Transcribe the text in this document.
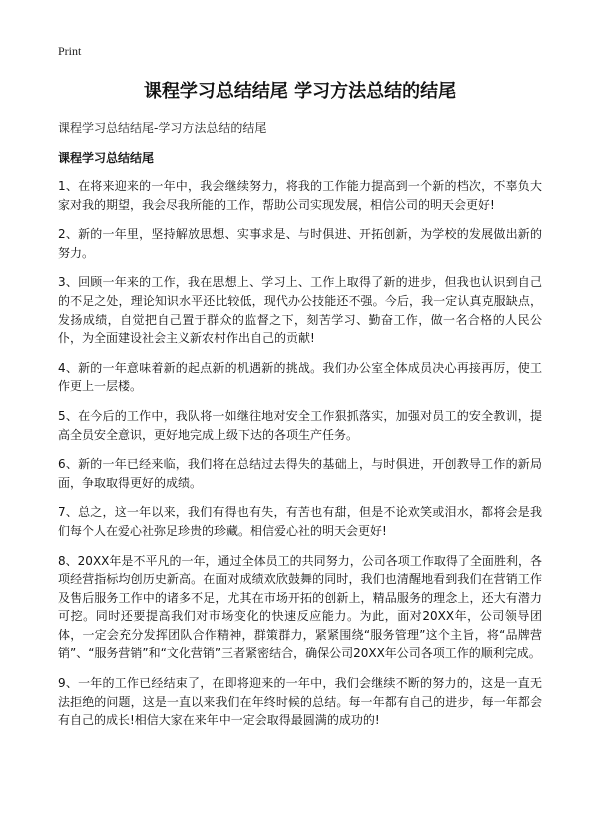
Print
课程学习总结结尾 学习方法总结的结尾
课程学习总结结尾-学习方法总结的结尾
课程学习总结结尾

1、在将来迎来的一年中，我会继续努力，将我的工作能力提高到一个新的档次，不辜负大家对我的期望，我会尽我所能的工作，帮助公司实现发展，相信公司的明天会更好!

2、新的一年里，坚持解放思想、实事求是、与时俱进、开拓创新，为学校的发展做出新的努力。

3、回顾一年来的工作，我在思想上、学习上、工作上取得了新的进步，但我也认识到自己的不足之处，理论知识水平还比较低，现代办公技能还不强。今后，我一定认真克服缺点，发扬成绩，自觉把自己置于群众的监督之下，刻苦学习、勤奋工作，做一名合格的人民公仆，为全面建设社会主义新农村作出自己的贡献!

4、新的一年意味着新的起点新的机遇新的挑战。我们办公室全体成员决心再接再厉，使工作更上一层楼。

5、在今后的工作中，我队将一如继往地对安全工作狠抓落实，加强对员工的安全教训，提高全员安全意识，更好地完成上级下达的各项生产任务。

6、新的一年已经来临，我们将在总结过去得失的基础上，与时俱进，开创教导工作的新局面，争取取得更好的成绩。

7、总之，这一年以来，我们有得也有失，有苦也有甜，但是不论欢笑或泪水，都将会是我们每个人在爱心社弥足珍贵的珍藏。相信爱心社的明天会更好!

8、20XX年是不平凡的一年，通过全体员工的共同努力，公司各项工作取得了全面胜利，各项经营指标均创历史新高。在面对成绩欢欣鼓舞的同时，我们也清醒地看到我们在营销工作及售后服务工作中的诸多不足，尤其在市场开拓的创新上，精品服务的理念上，还大有潜力可挖。同时还要提高我们对市场变化的快速反应能力。为此，面对20XX年，公司领导团体，一定会充分发挥团队合作精神，群策群力，紧紧围绕“服务管理”这个主旨，将“品牌营销”、“服务营销”和“文化营销”三者紧密结合，确保公司20XX年公司各项工作的顺利完成。

9、一年的工作已经结束了，在即将迎来的一年中，我们会继续不断的努力的，这是一直无法拒绝的问题，这是一直以来我们在年终时候的总结。每一年都有自己的进步，每一年都会有自己的成长!相信大家在来年中一定会取得最圆满的成功的!
